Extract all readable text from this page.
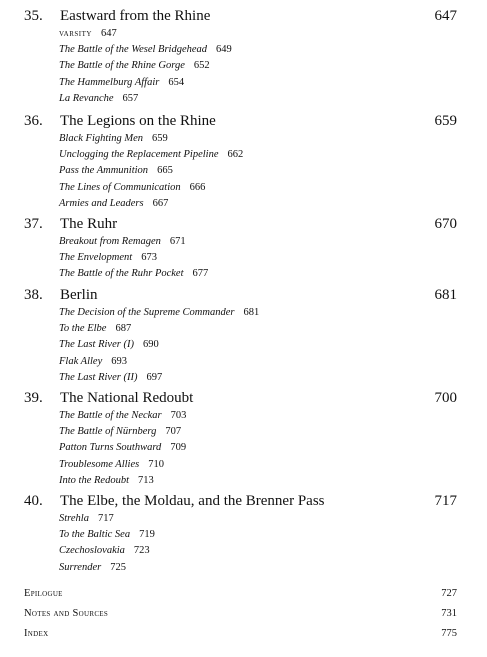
35. Eastward from the Rhine	647
varsity 647
The Battle of the Wesel Bridgehead 649
The Battle of the Rhine Gorge 652
The Hammelburg Affair 654
La Revanche 657
36. The Legions on the Rhine	659
Black Fighting Men 659
Unclogging the Replacement Pipeline 662
Pass the Ammunition 665
The Lines of Communication 666
Armies and Leaders 667
37. The Ruhr	670
Breakout from Remagen 671
The Envelopment 673
The Battle of the Ruhr Pocket 677
38. Berlin	681
The Decision of the Supreme Commander 681
To the Elbe 687
The Last River (I) 690
Flak Alley 693
The Last River (II) 697
39. The National Redoubt	700
The Battle of the Neckar 703
The Battle of Nürnberg 707
Patton Turns Southward 709
Troublesome Allies 710
Into the Redoubt 713
40. The Elbe, the Moldau, and the Brenner Pass	717
Strehla 717
To the Baltic Sea 719
Czechoslovakia 723
Surrender 725
Epilogue	727
Notes and Sources	731
Index	775
